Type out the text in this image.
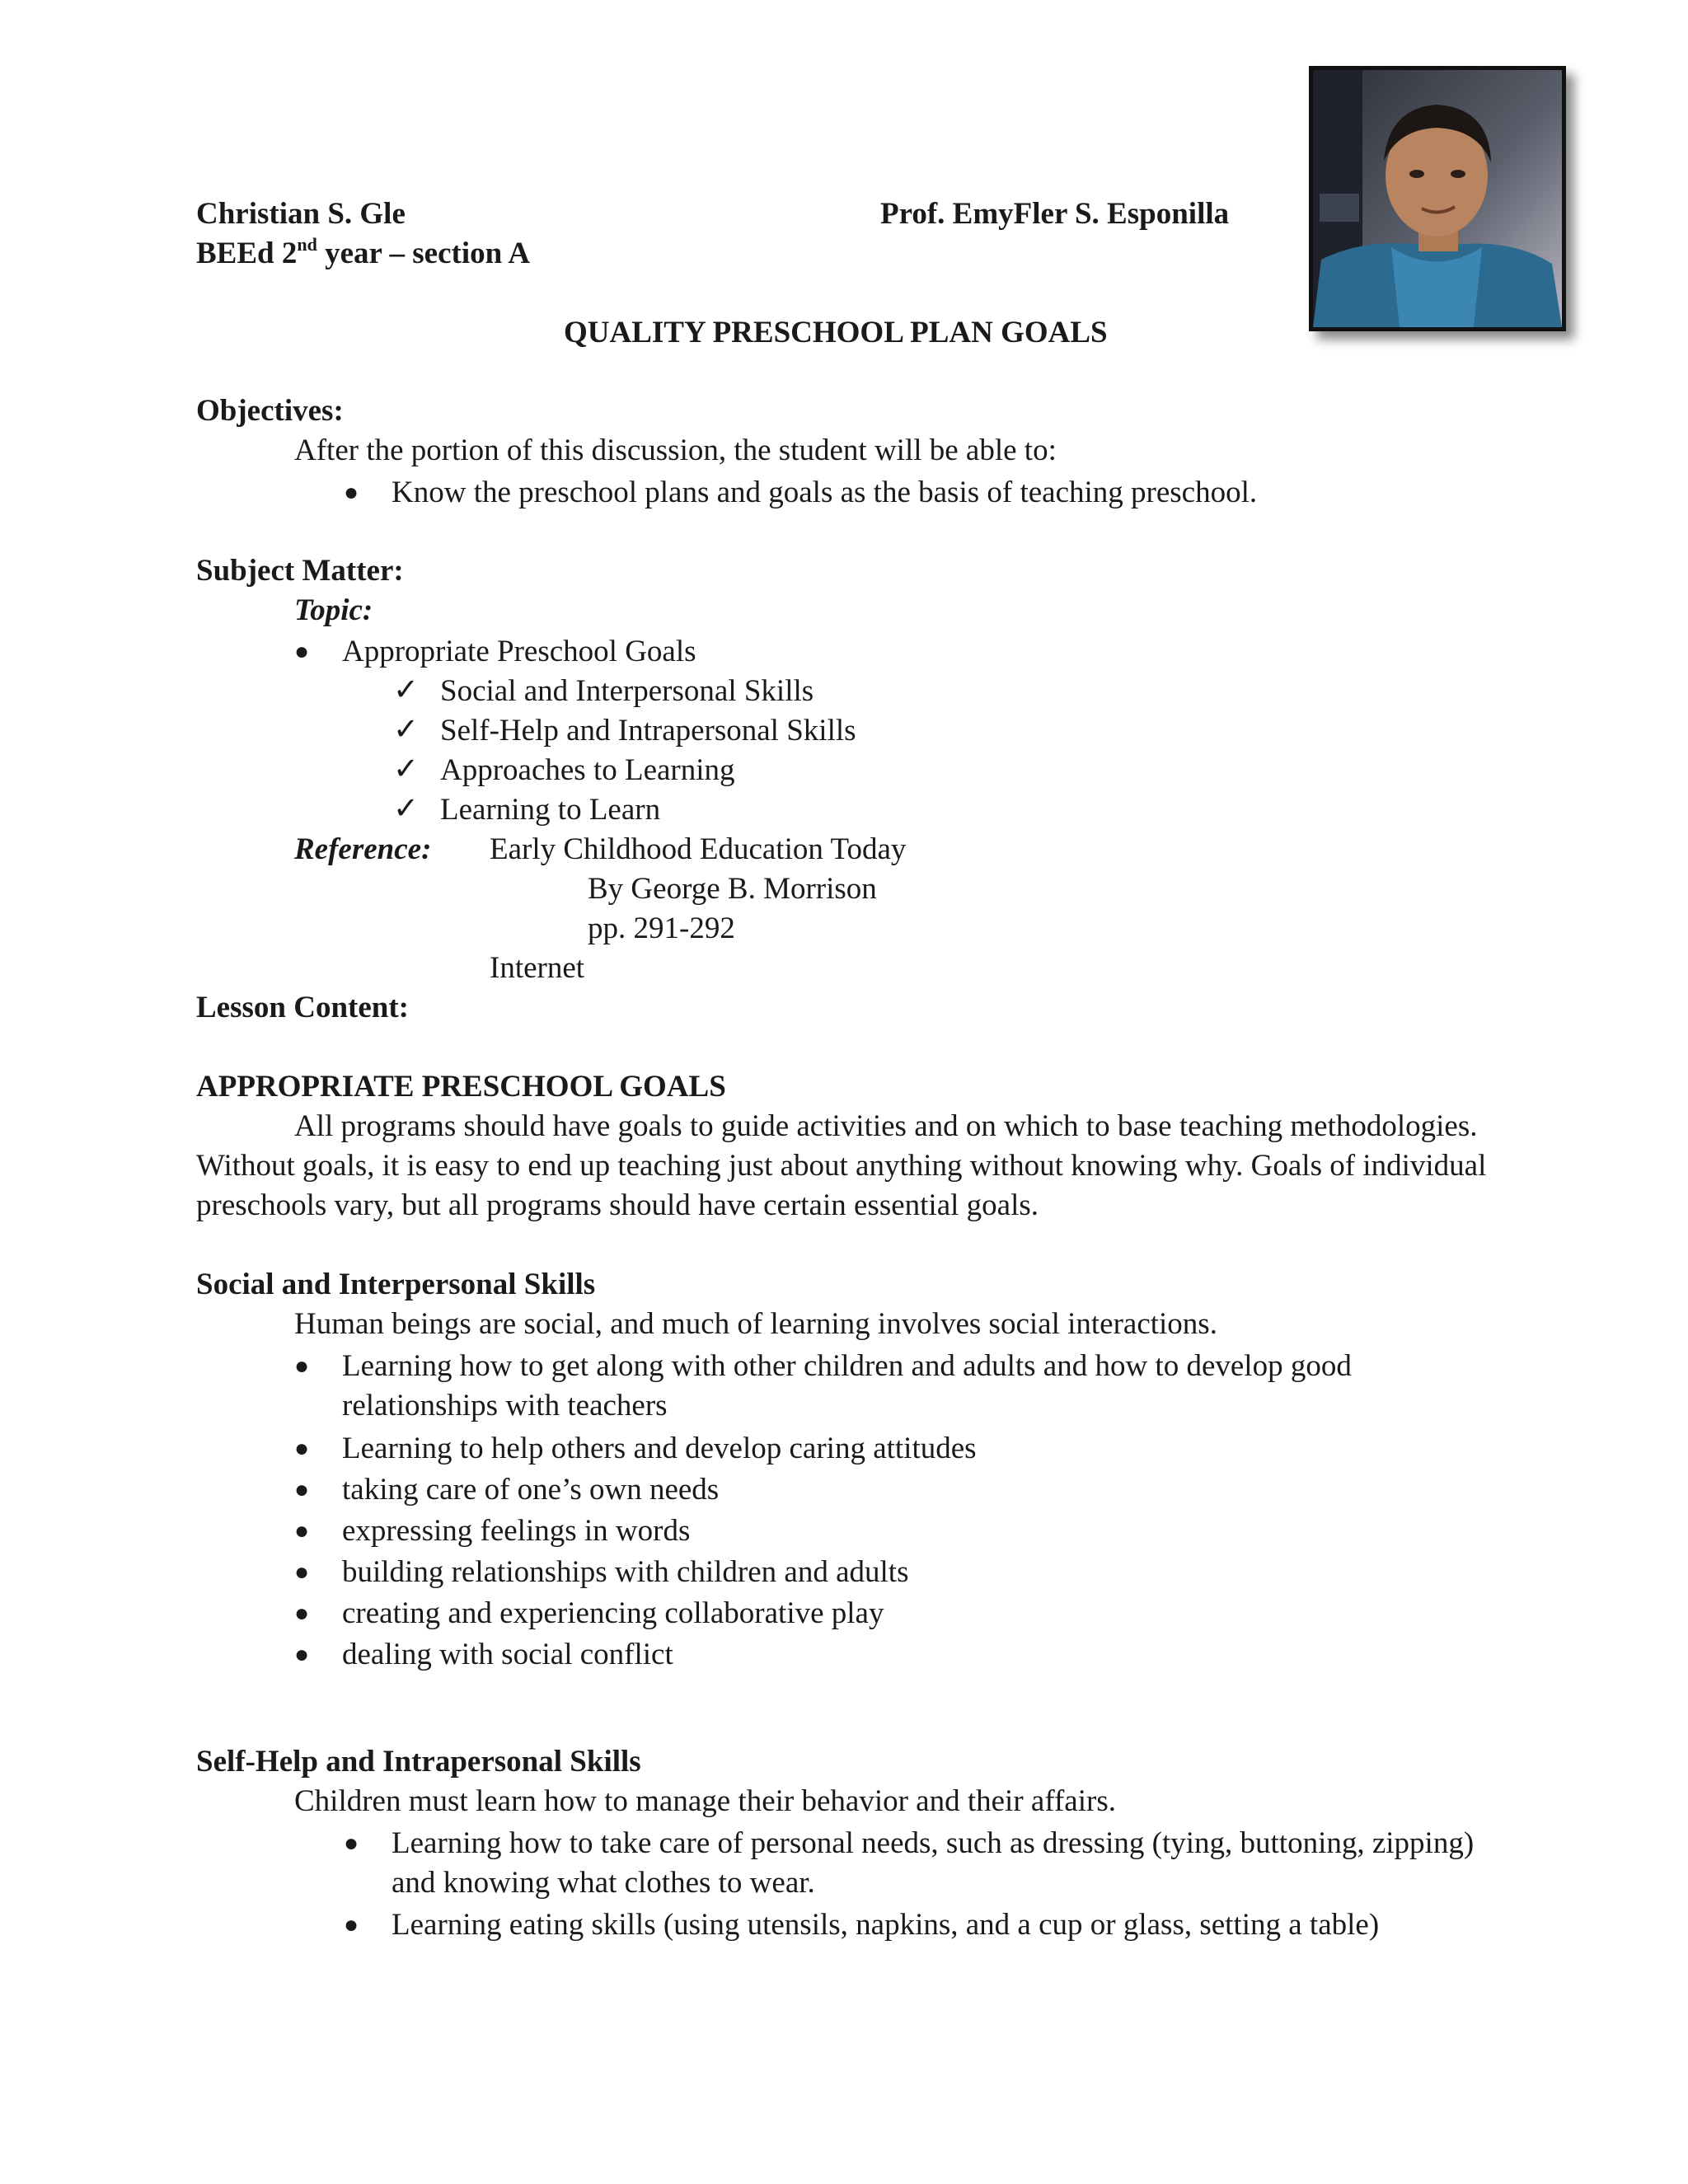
Christian S. Gle
BEEd 2nd year – section A
Prof. EmyFler S. Esponilla
QUALITY PRESCHOOL PLAN GOALS
Objectives:
After the portion of this discussion, the student will be able to:
● Know the preschool plans and goals as the basis of teaching preschool.
Subject Matter:
Topic:
● Appropriate Preschool Goals
✓ Social and Interpersonal Skills
✓ Self-Help and Intrapersonal Skills
✓ Approaches to Learning
✓ Learning to Learn
Reference: Early Childhood Education Today
By George B. Morrison
pp. 291-292
Internet
Lesson Content:
APPROPRIATE PRESCHOOL GOALS
All programs should have goals to guide activities and on which to base teaching methodologies.
Without goals, it is easy to end up teaching just about anything without knowing why. Goals of individual
preschools vary, but all programs should have certain essential goals.
Social and Interpersonal Skills
Human beings are social, and much of learning involves social interactions.
● Learning how to get along with other children and adults and how to develop good
relationships with teachers
● Learning to help others and develop caring attitudes
● taking care of one’s own needs
● expressing feelings in words
● building relationships with children and adults
● creating and experiencing collaborative play
● dealing with social conflict
Self-Help and Intrapersonal Skills
Children must learn how to manage their behavior and their affairs.
● Learning how to take care of personal needs, such as dressing (tying, buttoning, zipping)
and knowing what clothes to wear.
● Learning eating skills (using utensils, napkins, and a cup or glass, setting a table)
